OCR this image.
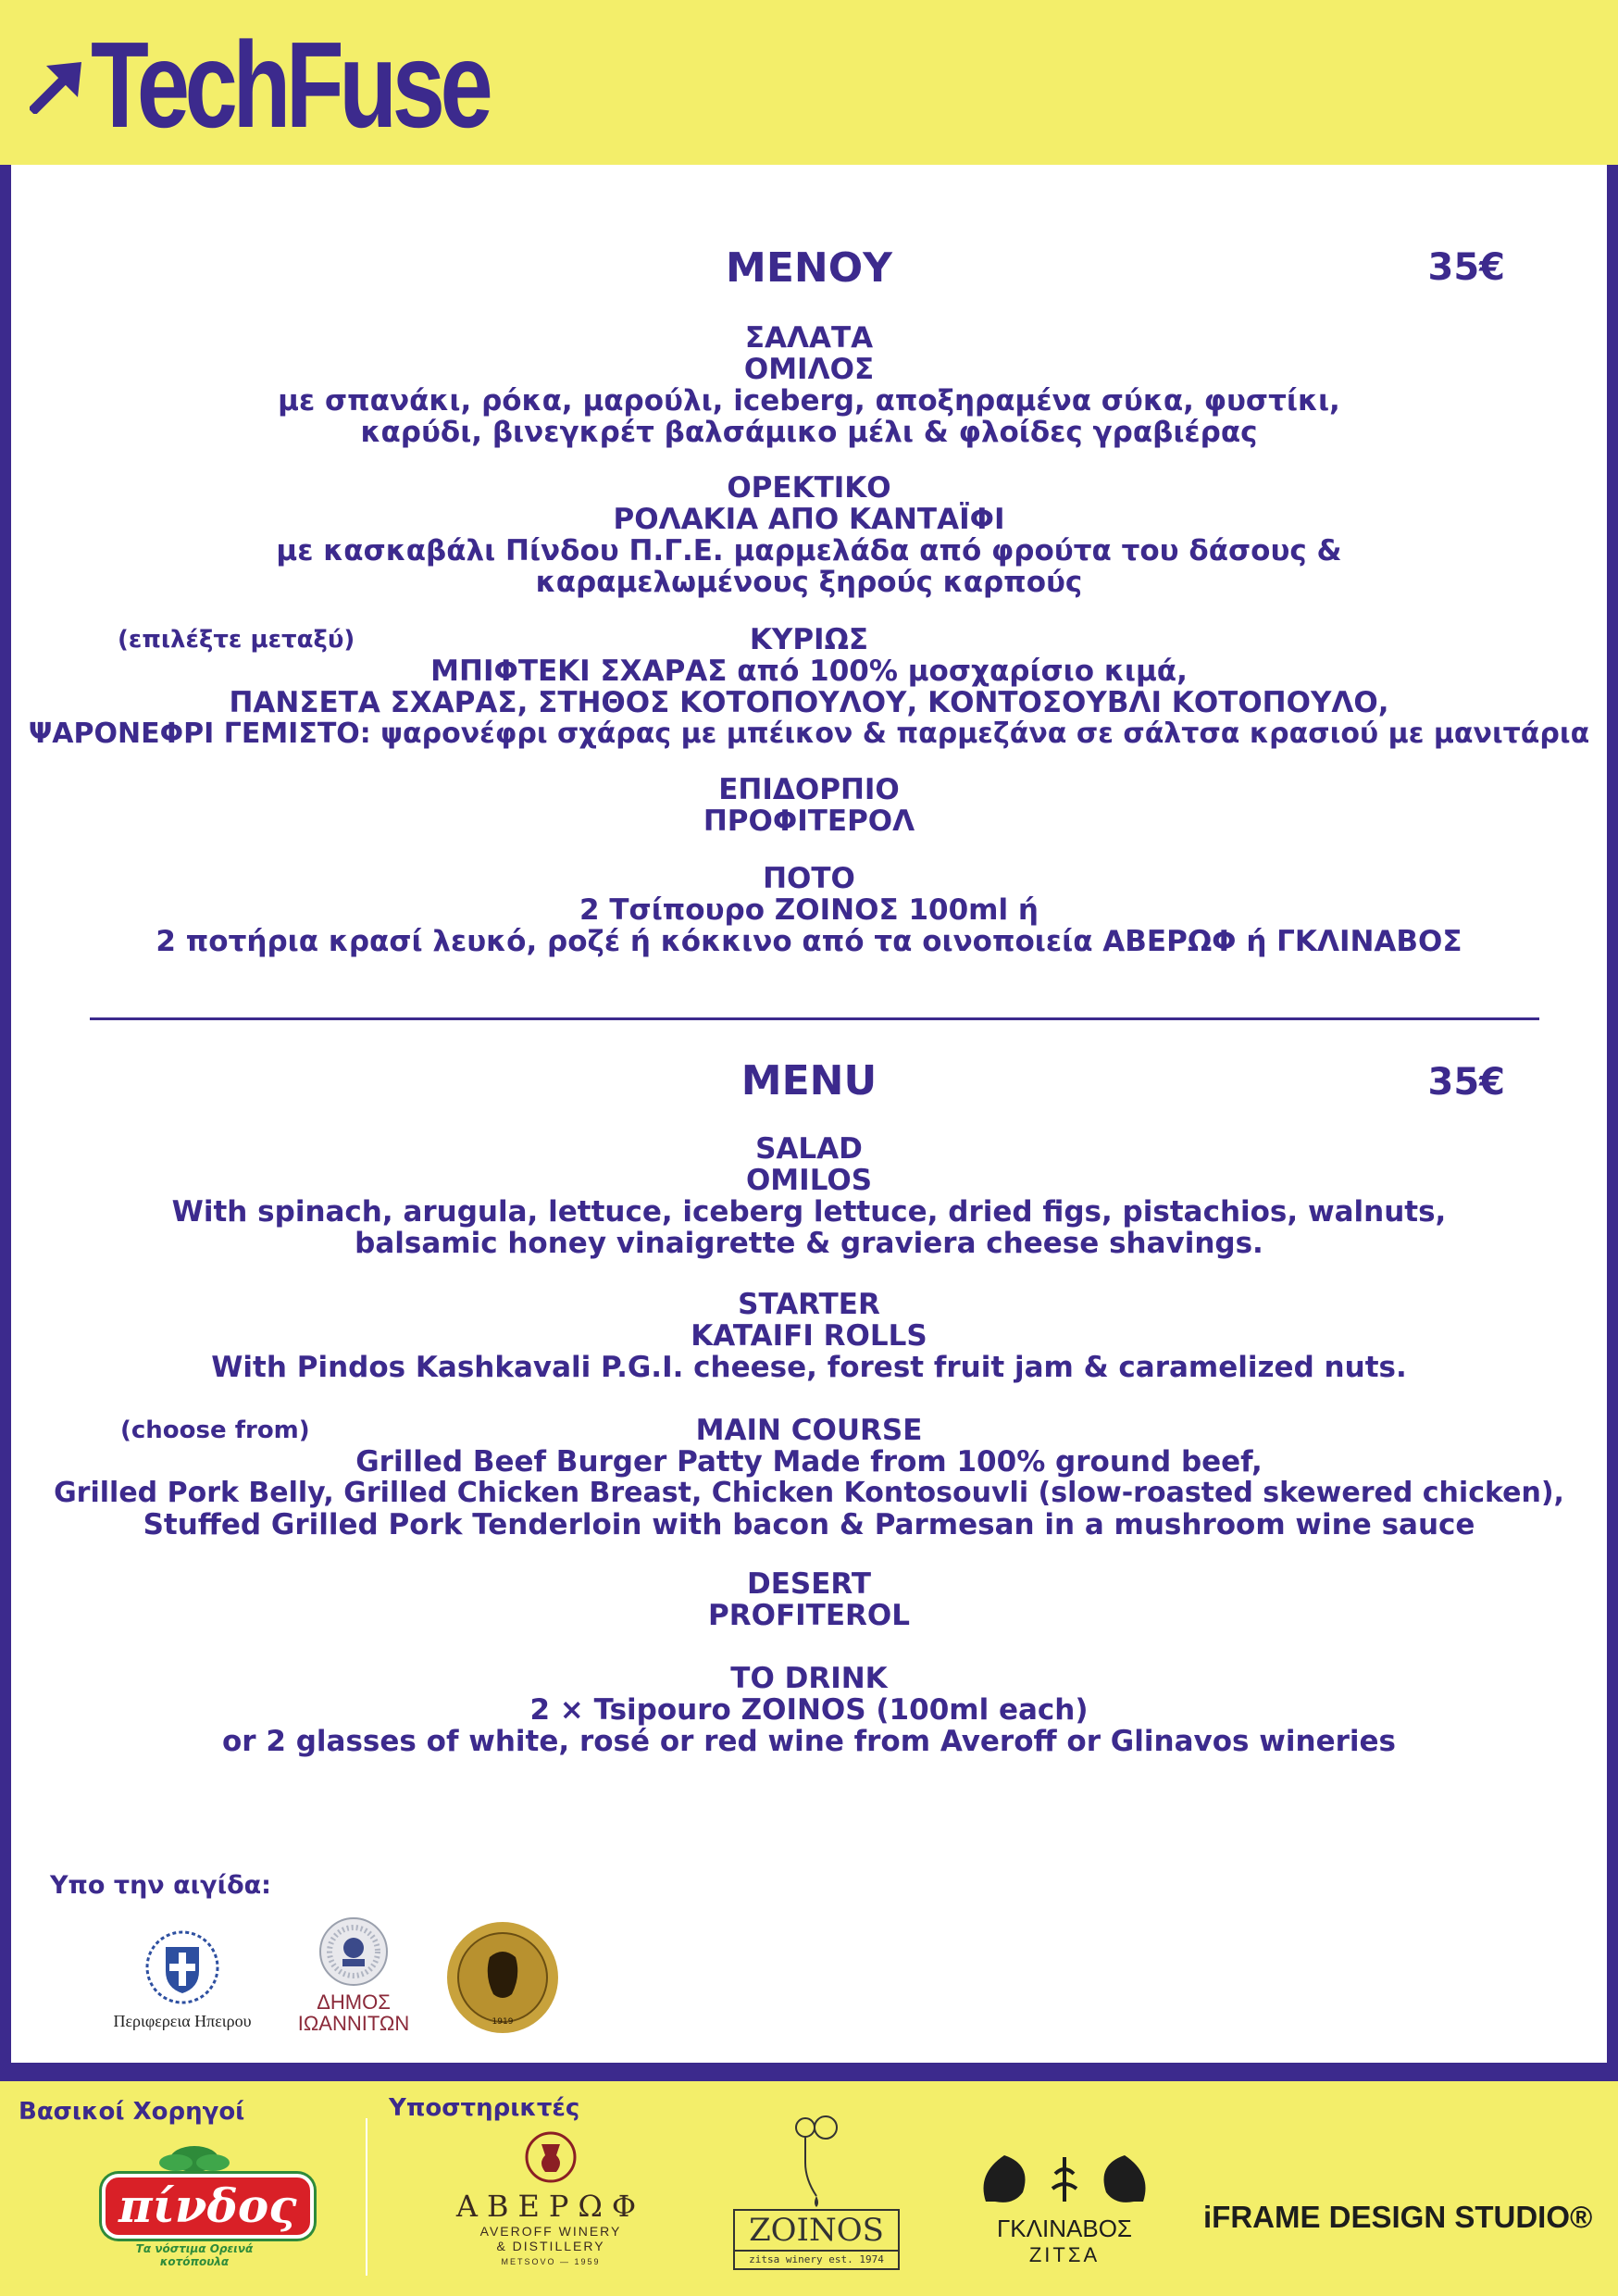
TechFuse
ΜΕΝΟΥ	35€
ΣΑΛΑΤΑ
ΟΜΙΛΟΣ
με σπανάκι, ρόκα, μαρούλι, iceberg, αποξηραμένα σύκα, φυστίκι,
καρύδι, βινεγκρέτ βαλσάμικο μέλι & φλοίδες γραβιέρας
ΟΡΕΚΤΙΚΟ
ΡΟΛΑΚΙΑ ΑΠΟ ΚΑΝΤΑΪΦΙ
με κασκαβάλι Πίνδου Π.Γ.Ε. μαρμελάδα από φρούτα του δάσους &
καραμελωμένους ξηρούς καρπούς
(επιλέξτε μεταξύ)	ΚΥΡΙΩΣ
ΜΠΙΦΤΕΚΙ ΣΧΑΡΑΣ από 100% μοσχαρίσιο κιμά,
ΠΑΝΣΕΤΑ ΣΧΑΡΑΣ, ΣΤΗΘΟΣ ΚΟΤΟΠΟΥΛΟΥ, ΚΟΝΤΟΣΟΥΒΛΙ ΚΟΤΟΠΟΥΛΟ,
ΨΑΡΟΝΕΦΡΙ ΓΕΜΙΣΤΟ: ψαρονέφρι σχάρας με μπέικον & παρμεζάνα σε σάλτσα κρασιού με μανιτάρια
ΕΠΙΔΟΡΠΙΟ
ΠΡΟΦΙΤΕΡΟΛ
ΠΟΤΟ
2 Τσίπουρο ΖΟΙΝΟΣ 100ml ή
2 ποτήρια κρασί λευκό, ροζέ ή κόκκινο από τα οινοποιεία ΑΒΕΡΩΦ ή ΓΚΛΙΝΑΒΟΣ
MENU	35€
SALAD
OMILOS
With spinach, arugula, lettuce, iceberg lettuce, dried figs, pistachios, walnuts,
balsamic honey vinaigrette & graviera cheese shavings.
STARTER
KATAIFI ROLLS
With Pindos Kashkavali P.G.I. cheese, forest fruit jam & caramelized nuts.
(choose from)	MAIN COURSE
Grilled Beef Burger Patty Made from 100% ground beef,
Grilled Pork Belly, Grilled Chicken Breast, Chicken Kontosouvli (slow-roasted skewered chicken),
Stuffed Grilled Pork Tenderloin with bacon & Parmesan in a mushroom wine sauce
DESERT
PROFITEROL
TO DRINK
2 × Tsipouro ZOINOS (100ml each)
or 2 glasses of white, rosé or red wine from Averoff or Glinavos wineries
Υπο την αιγίδα:
Περιφερεια Ηπειρου
ΔΗΜΟΣ
ΙΩΑΝΝΙΤΩΝ	1919
Βασικοί Χορηγοί	Υποστηρικτές
πίνδος
Τα νόστιμα Ορεινά κοτόπουλα
ΑΒΕΡΩΦ
AVEROFF WINERY
& DISTILLERY
METSOVO — 1959
ZOINOS
zitsa winery est. 1974
ΓΚΛΙΝΑΒΟΣ
ΖΙΤΣΑ
iFRAME DESIGN STUDIO®
